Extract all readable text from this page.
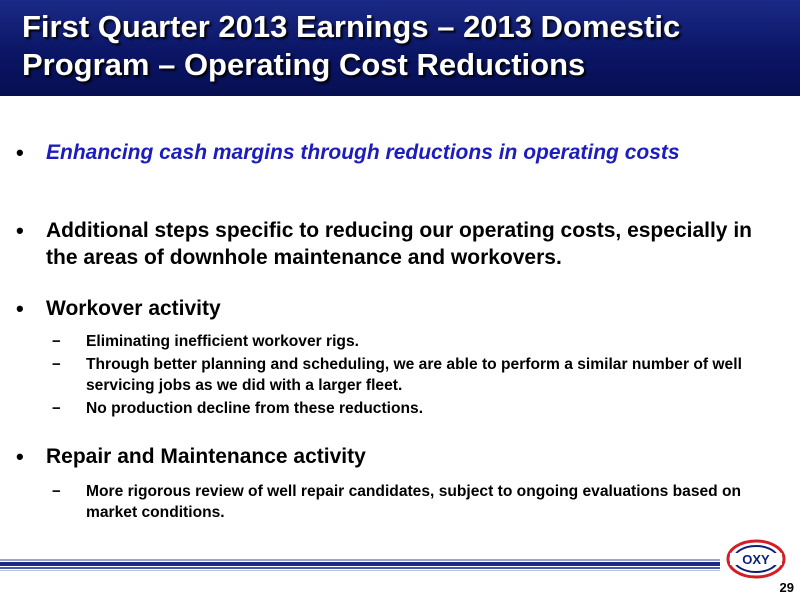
First Quarter 2013 Earnings – 2013 Domestic Program – Operating Cost Reductions
• Enhancing cash margins through reductions in operating costs
• Additional steps specific to reducing our operating costs, especially in the areas of downhole maintenance and workovers.
• Workover activity
− Eliminating inefficient workover rigs.
− Through better planning and scheduling, we are able to perform a similar number of well servicing jobs as we did with a larger fleet.
− No production decline from these reductions.
• Repair and Maintenance activity
− More rigorous review of well repair candidates, subject to ongoing evaluations based on market conditions.
OXY
29
